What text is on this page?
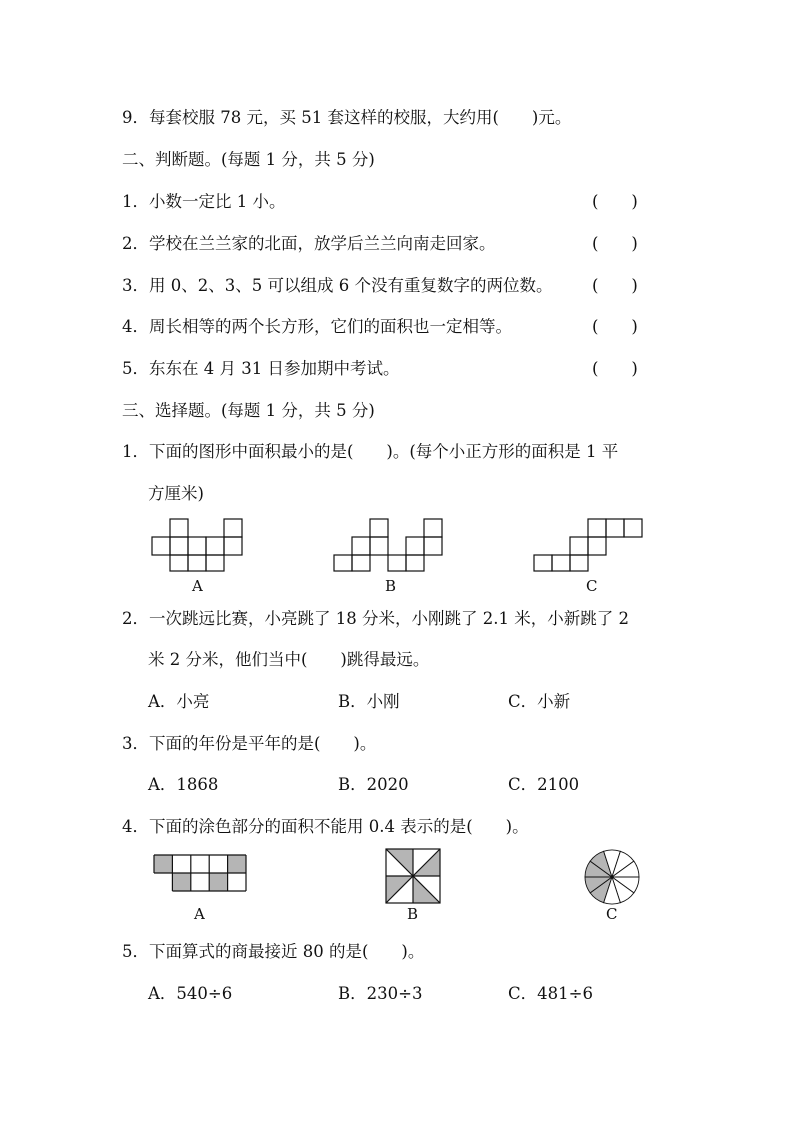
9．每套校服 78 元，买 51 套这样的校服，大约用(　　)元。
二、判断题。(每题 1 分，共 5 分)
1．小数一定比 1 小。	(　　)
2．学校在兰兰家的北面，放学后兰兰向南走回家。	(　　)
3．用 0、2、3、5 可以组成 6 个没有重复数字的两位数。 (　　)
4．周长相等的两个长方形，它们的面积也一定相等。	(　　)
5．东东在 4 月 31 日参加期中考试。	(　　)
三、选择题。(每题 1 分，共 5 分)
1．下面的图形中面积最小的是(　　)。(每个小正方形的面积是 1 平
方厘米)
A	B	C
2．一次跳远比赛，小亮跳了 18 分米，小刚跳了 2.1 米，小新跳了 2
米 2 分米，他们当中(　　)跳得最远。
A．小亮	B．小刚	C．小新
3．下面的年份是平年的是(　　)。
A．1868	B．2020	C．2100
4．下面的涂色部分的面积不能用 0.4 表示的是(　　)。
A	B	C
5．下面算式的商最接近 80 的是(　　)。
A．540÷6	B．230÷3	C．481÷6
